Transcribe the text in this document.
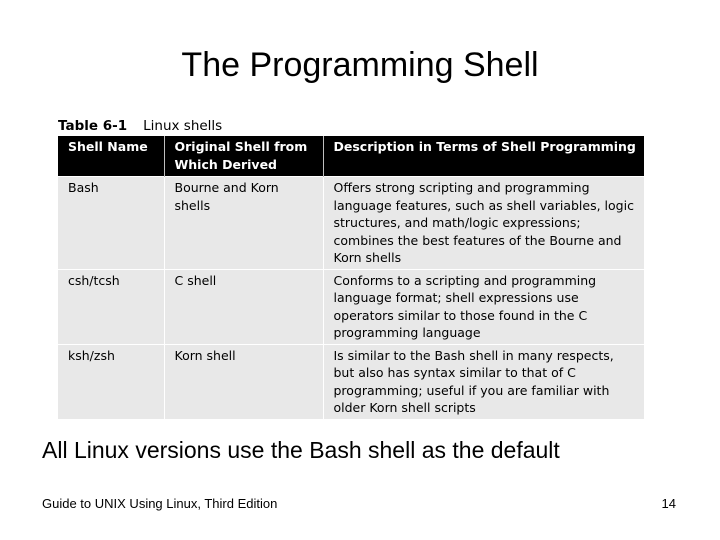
The Programming Shell
Table 6-1 Linux shells
Shell Name	Original Shell from Which Derived	Description in Terms of Shell Programming
Bash	Bourne and Korn shells	Offers strong scripting and programming language features, such as shell variables, logic structures, and math/logic expressions; combines the best features of the Bourne and Korn shells
csh/tcsh	C shell	Conforms to a scripting and programming language format; shell expressions use operators similar to those found in the C programming language
ksh/zsh	Korn shell	Is similar to the Bash shell in many respects, but also has syntax similar to that of C programming; useful if you are familiar with older Korn shell scripts
All Linux versions use the Bash shell as the default
Guide to UNIX Using Linux, Third Edition	14
